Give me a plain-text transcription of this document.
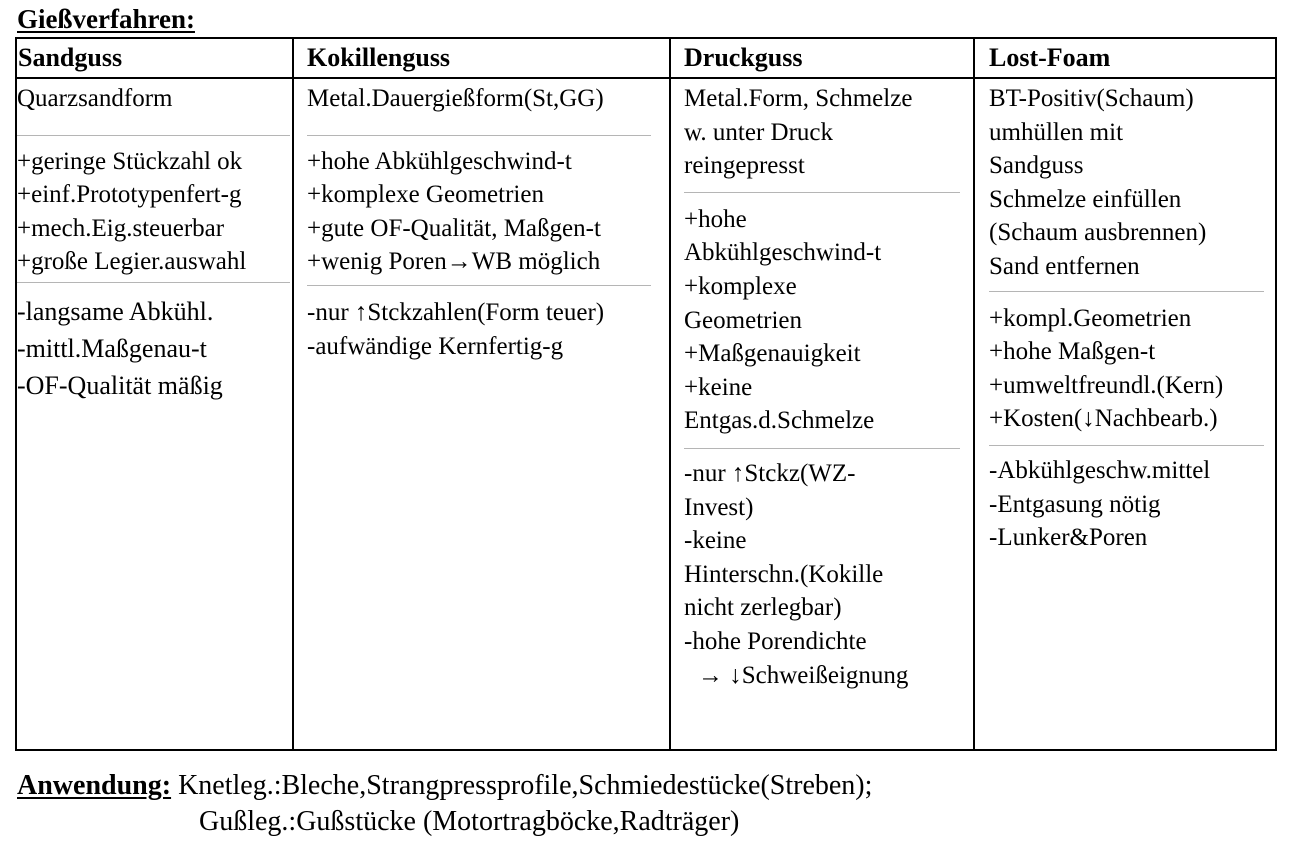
Gießverfahren:
Sandguss
Quarzsandform
+geringe Stückzahl ok
+einf.Prototypenfert-g
+mech.Eig.steuerbar
+große Legier.auswahl
-langsame Abkühl.
-mittl.Maßgenau-t
-OF-Qualität mäßig
Kokillenguss
Metal.Dauergießform(St,GG)
+hohe Abkühlgeschwind-t
+komplexe Geometrien
+gute OF-Qualität, Maßgen-t
+wenig Poren→WB möglich
-nur ↑Stckzahlen(Form teuer)
-aufwändige Kernfertig-g
Druckguss
Metal.Form, Schmelze
w. unter Druck
reingepresst
+hohe
Abkühlgeschwind-t
+komplexe
Geometrien
+Maßgenauigkeit
+keine
Entgas.d.Schmelze
-nur ↑Stckz(WZ-
Invest)
-keine
Hinterschn.(Kokille
nicht zerlegbar)
-hohe Porendichte
→ ↓Schweißeignung
Lost-Foam
BT-Positiv(Schaum)
umhüllen mit
Sandguss
Schmelze einfüllen
(Schaum ausbrennen)
Sand entfernen
+kompl.Geometrien
+hohe Maßgen-t
+umweltfreundl.(Kern)
+Kosten(↓Nachbearb.)
-Abkühlgeschw.mittel
-Entgasung nötig
-Lunker&Poren
Anwendung: Knetleg.:Bleche,Strangpressprofile,Schmiedestücke(Streben);
Gußleg.:Gußstücke (Motortragböcke,Radträger)
